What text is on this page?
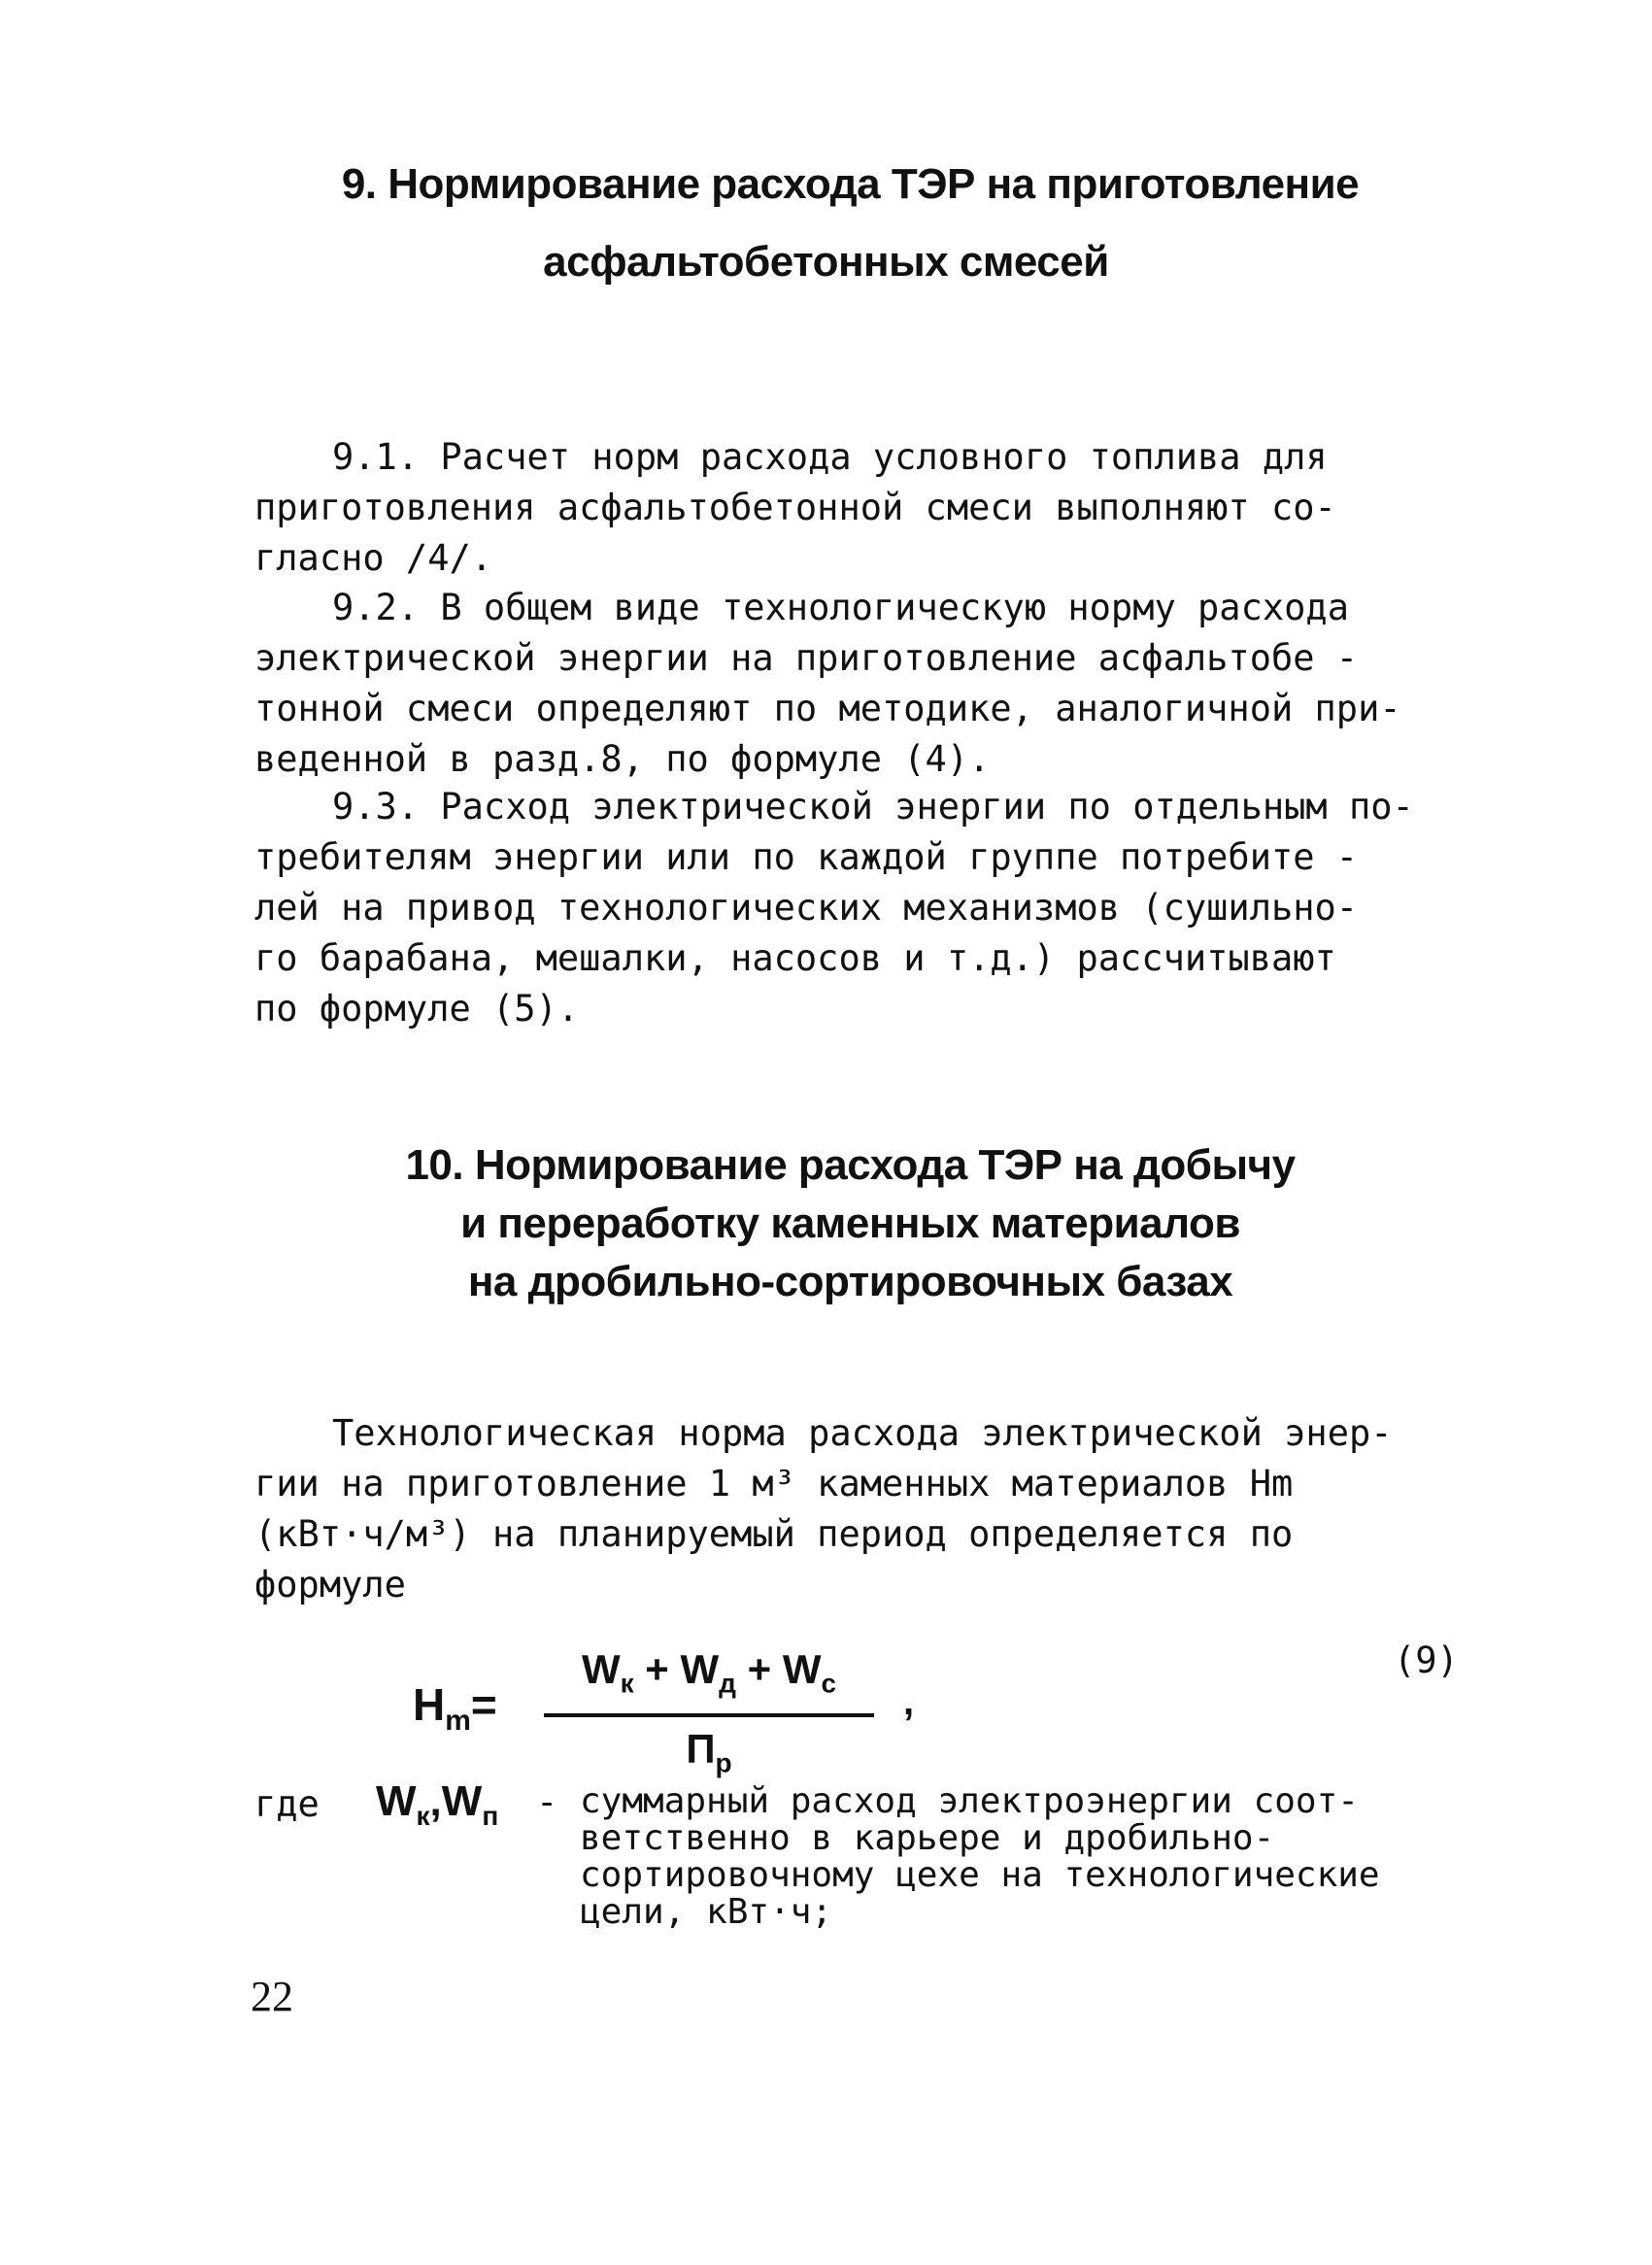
9. Нормирование расхода ТЭР на приготовление
асфальтобетонных смесей

9.1. Расчет норм расхода условного топлива для
приготовления асфальтобетонной смеси выполняют со-
гласно /4/.

9.2. В общем виде технологическую норму расхода
электрической энергии на приготовление асфальтобе -
тонной смеси определяют по методике, аналогичной при-
веденной в разд.8, по формуле (4).

9.3. Расход электрической энергии по отдельным по-
требителям энергии или по каждой группе потребите -
лей на привод технологических механизмов (сушильно-
го барабана, мешалки, насосов и т.д.) рассчитывают
по формуле (5).

10. Нормирование расхода ТЭР на добычу
и переработку каменных материалов
на дробильно-сортировочных базах

Технологическая норма расхода электрической энер-
гии на приготовление 1 м³ каменных материалов Hm
(кВт·ч/м³) на планируемый период определяется по
формуле

$H_m=$
$W_к + W_д + W_c$
$П_р$
,
(9)
где $W_к,W_п$ - суммарный расход электроэнергии соот-
ветственно в карьере и дробильно-
сортировочному цехе на технологические
цели, кВт·ч;

22
